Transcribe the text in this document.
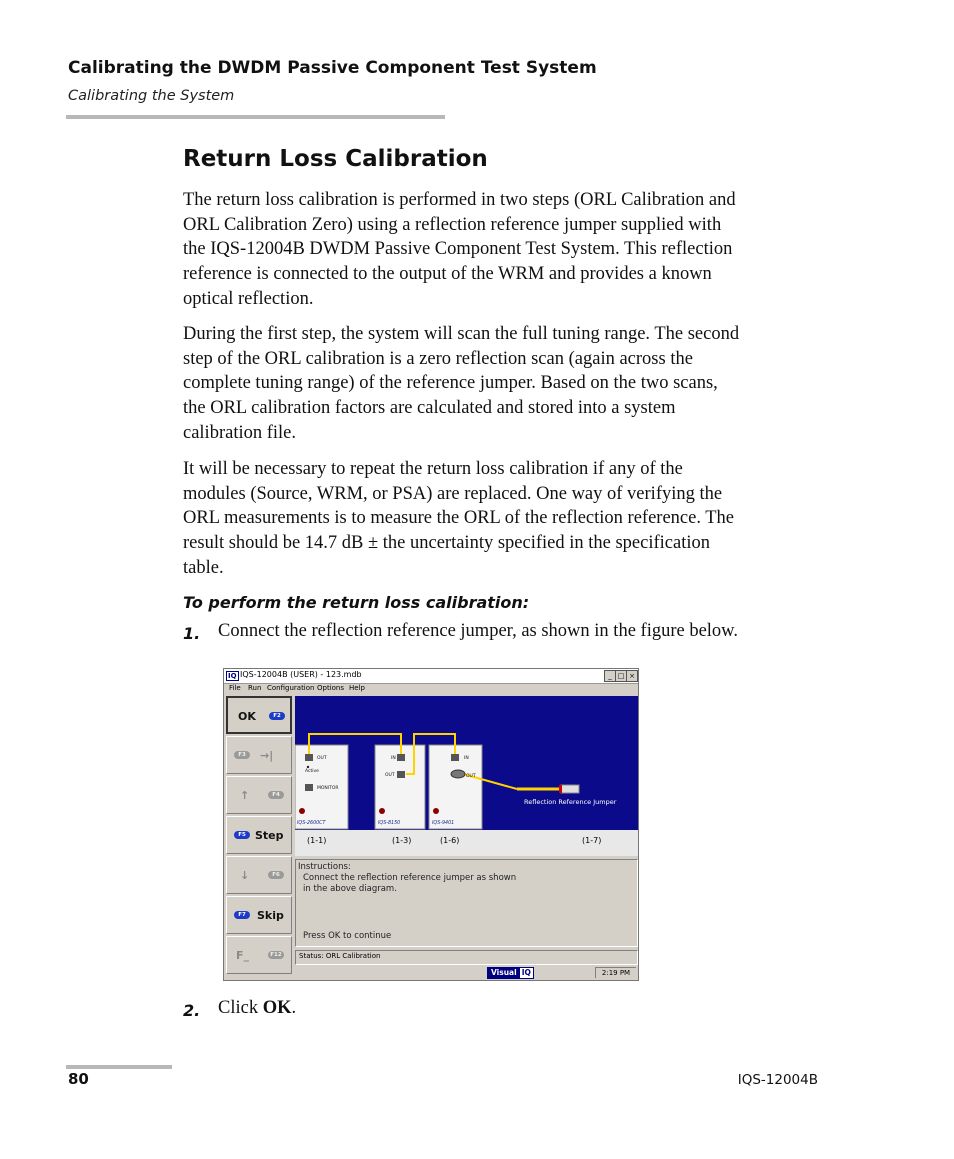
Calibrating the DWDM Passive Component Test System
Calibrating the System
Return Loss Calibration
The return loss calibration is performed in two steps (ORL Calibration and
ORL Calibration Zero) using a reflection reference jumper supplied with
the IQS-12004B DWDM Passive Component Test System. This reflection
reference is connected to the output of the WRM and provides a known
optical reflection.
During the first step, the system will scan the full tuning range. The second
step of the ORL calibration is a zero reflection scan (again across the
complete tuning range) of the reference jumper. Based on the two scans,
the ORL calibration factors are calculated and stored into a system
calibration file.
It will be necessary to repeat the return loss calibration if any of the
modules (Source, WRM, or PSA) are replaced. One way of verifying the
ORL measurements is to measure the ORL of the reflection reference. The
result should be 14.7 dB ± the uncertainty specified in the specification
table.
To perform the return loss calibration:
1. Connect the reflection reference jumper, as shown in the figure below.
IQ IQS-12004B (USER) - 123.mdb	_ □ ×
File Run Configuration Options Help
OK	F2
F3	→|
↑	F4
F5 Step
↓	F6
F7	Skip
F_	F12
OUT
Active
MONITOR
IN
OUT
IN
OUT
IQS-2600CT	IQS-8150	IQS-9401
Reflection Reference Jumper
(1-1)	(1-3)	(1-6)	(1-7)
Instructions:
Connect the reflection reference jumper as shown
in the above diagram.
Press OK to continue
Status: ORL Calibration
Visual IQ	2:19 PM
2. Click OK.
80	IQS-12004B
